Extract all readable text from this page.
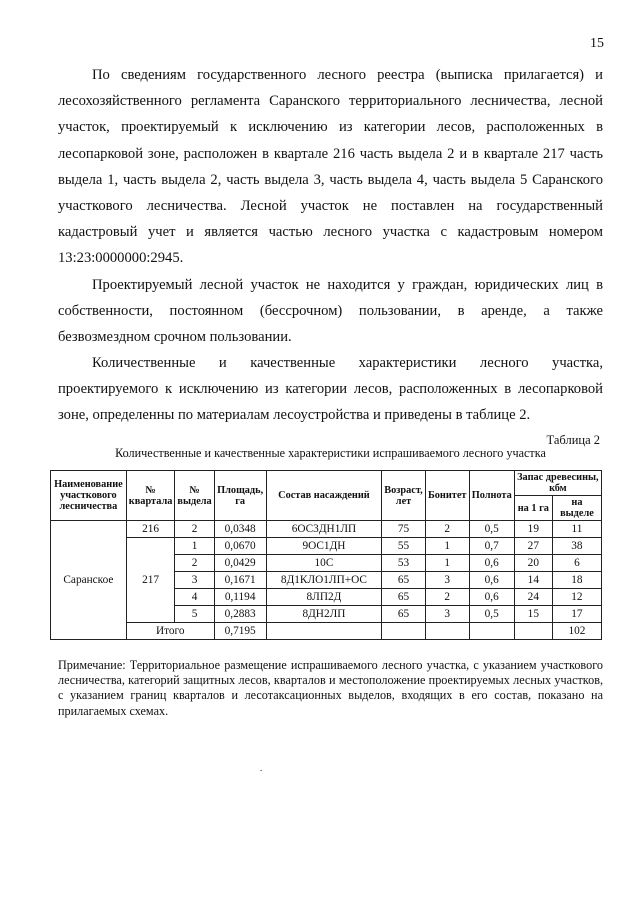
15

По сведениям государственного лесного реестра (выписка прилагается) и лесохозяйственного регламента Саранского территориального лесничества, лесной участок, проектируемый к исключению из категории лесов, расположенных в лесопарковой зоне, расположен в квартале 216 часть выдела 2 и в квартале 217 часть выдела 1, часть выдела 2, часть выдела 3, часть выдела 4, часть выдела 5 Саранского участкового лесничества. Лесной участок не поставлен на государственный кадастровый учет и является частью лесного участка с кадастровым номером 13:23:0000000:2945.

Проектируемый лесной участок не находится у граждан, юридических лиц в собственности, постоянном (бессрочном) пользовании, в аренде, а также безвозмездном срочном пользовании.

Количественные и качественные характеристики лесного участка, проектируемого к исключению из категории лесов, расположенных в лесопарковой зоне, определенны по материалам лесоустройства и приведены в таблице 2.

Таблица 2
Количественные и качественные характеристики испрашиваемого лесного участка
Наименование участкового лесничества	№ квартала	№ выдела	Площадь, га	Состав насаждений	Возраст, лет	Бонитет	Полнота	Запас древесины, кбм	
								на 1 га	на выделе
Саранское	216	2	0,0348	6ОС3ДН1ЛП	75	2	0,5	19	11
	217	1	0,0670	9ОС1ДН	55	1	0,7	27	38
		2	0,0429	10С	53	1	0,6	20	6
		3	0,1671	8Д1КЛО1ЛП+ОС	65	3	0,6	14	18
		4	0,1194	8ЛП2Д	65	2	0,6	24	12
		5	0,2883	8ДН2ЛП	65	3	0,5	15	17
	Итого		0,7195						102

Примечание: Территориальное размещение испрашиваемого лесного участка, с указанием участкового лесничества, категорий защитных лесов, кварталов и местоположение проектируемых лесных участков, с указанием границ кварталов и лесотаксационных выделов, входящих в его состав, показано на прилагаемых схемах.

.
